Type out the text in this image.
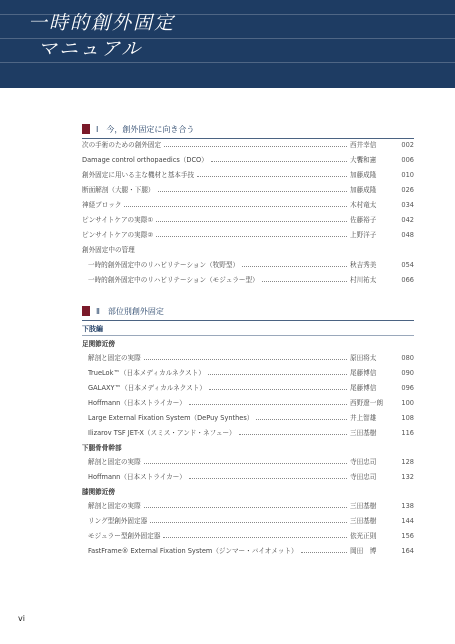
一時的創外固定
マニュアル
Ⅰ　今，創外固定に向き合う
次の手術のための創外固定	西井幸信	002
Damage control orthopaedics（DCO）	大饗和憲	006
創外固定に用いる主な機材と基本手技	加藤成隆	010
断面解剖（大腿・下腿）	加藤成隆	026
神経ブロック	木村竜太	034
ピンサイトケアの実際①	佐藤裕子	042
ピンサイトケアの実際②	上野洋子	048
創外固定中の管理
一時的創外固定中のリハビリテーション（牧野型）	秋吉秀美	054
一時的創外固定中のリハビリテーション（モジュラー型）	村川祐太	066
Ⅱ　部位別創外固定
下肢編
足関節近傍
解剖と固定の実際	原田将太	080
TrueLok™（日本メディカルネクスト）	尾藤博信	090
GALAXY™（日本メディカルネクスト）	尾藤博信	096
Hoffmann（日本ストライカー）	西野遼一朗	100
Large External Fixation System（DePuy Synthes）	井上智雄	108
Ilizarov TSF JET-X（スミス・アンド・ネフュー）	三田基樹	116
下腿骨骨幹部
解剖と固定の実際	寺田忠司	128
Hoffmann（日本ストライカー）	寺田忠司	132
膝関節近傍
解剖と固定の実際	三田基樹	138
リング型創外固定器	三田基樹	144
モジュラー型創外固定器	依光正則	156
FastFrame® External Fixation System（ジンマー・バイオメット）	岡田　博	164
vi
